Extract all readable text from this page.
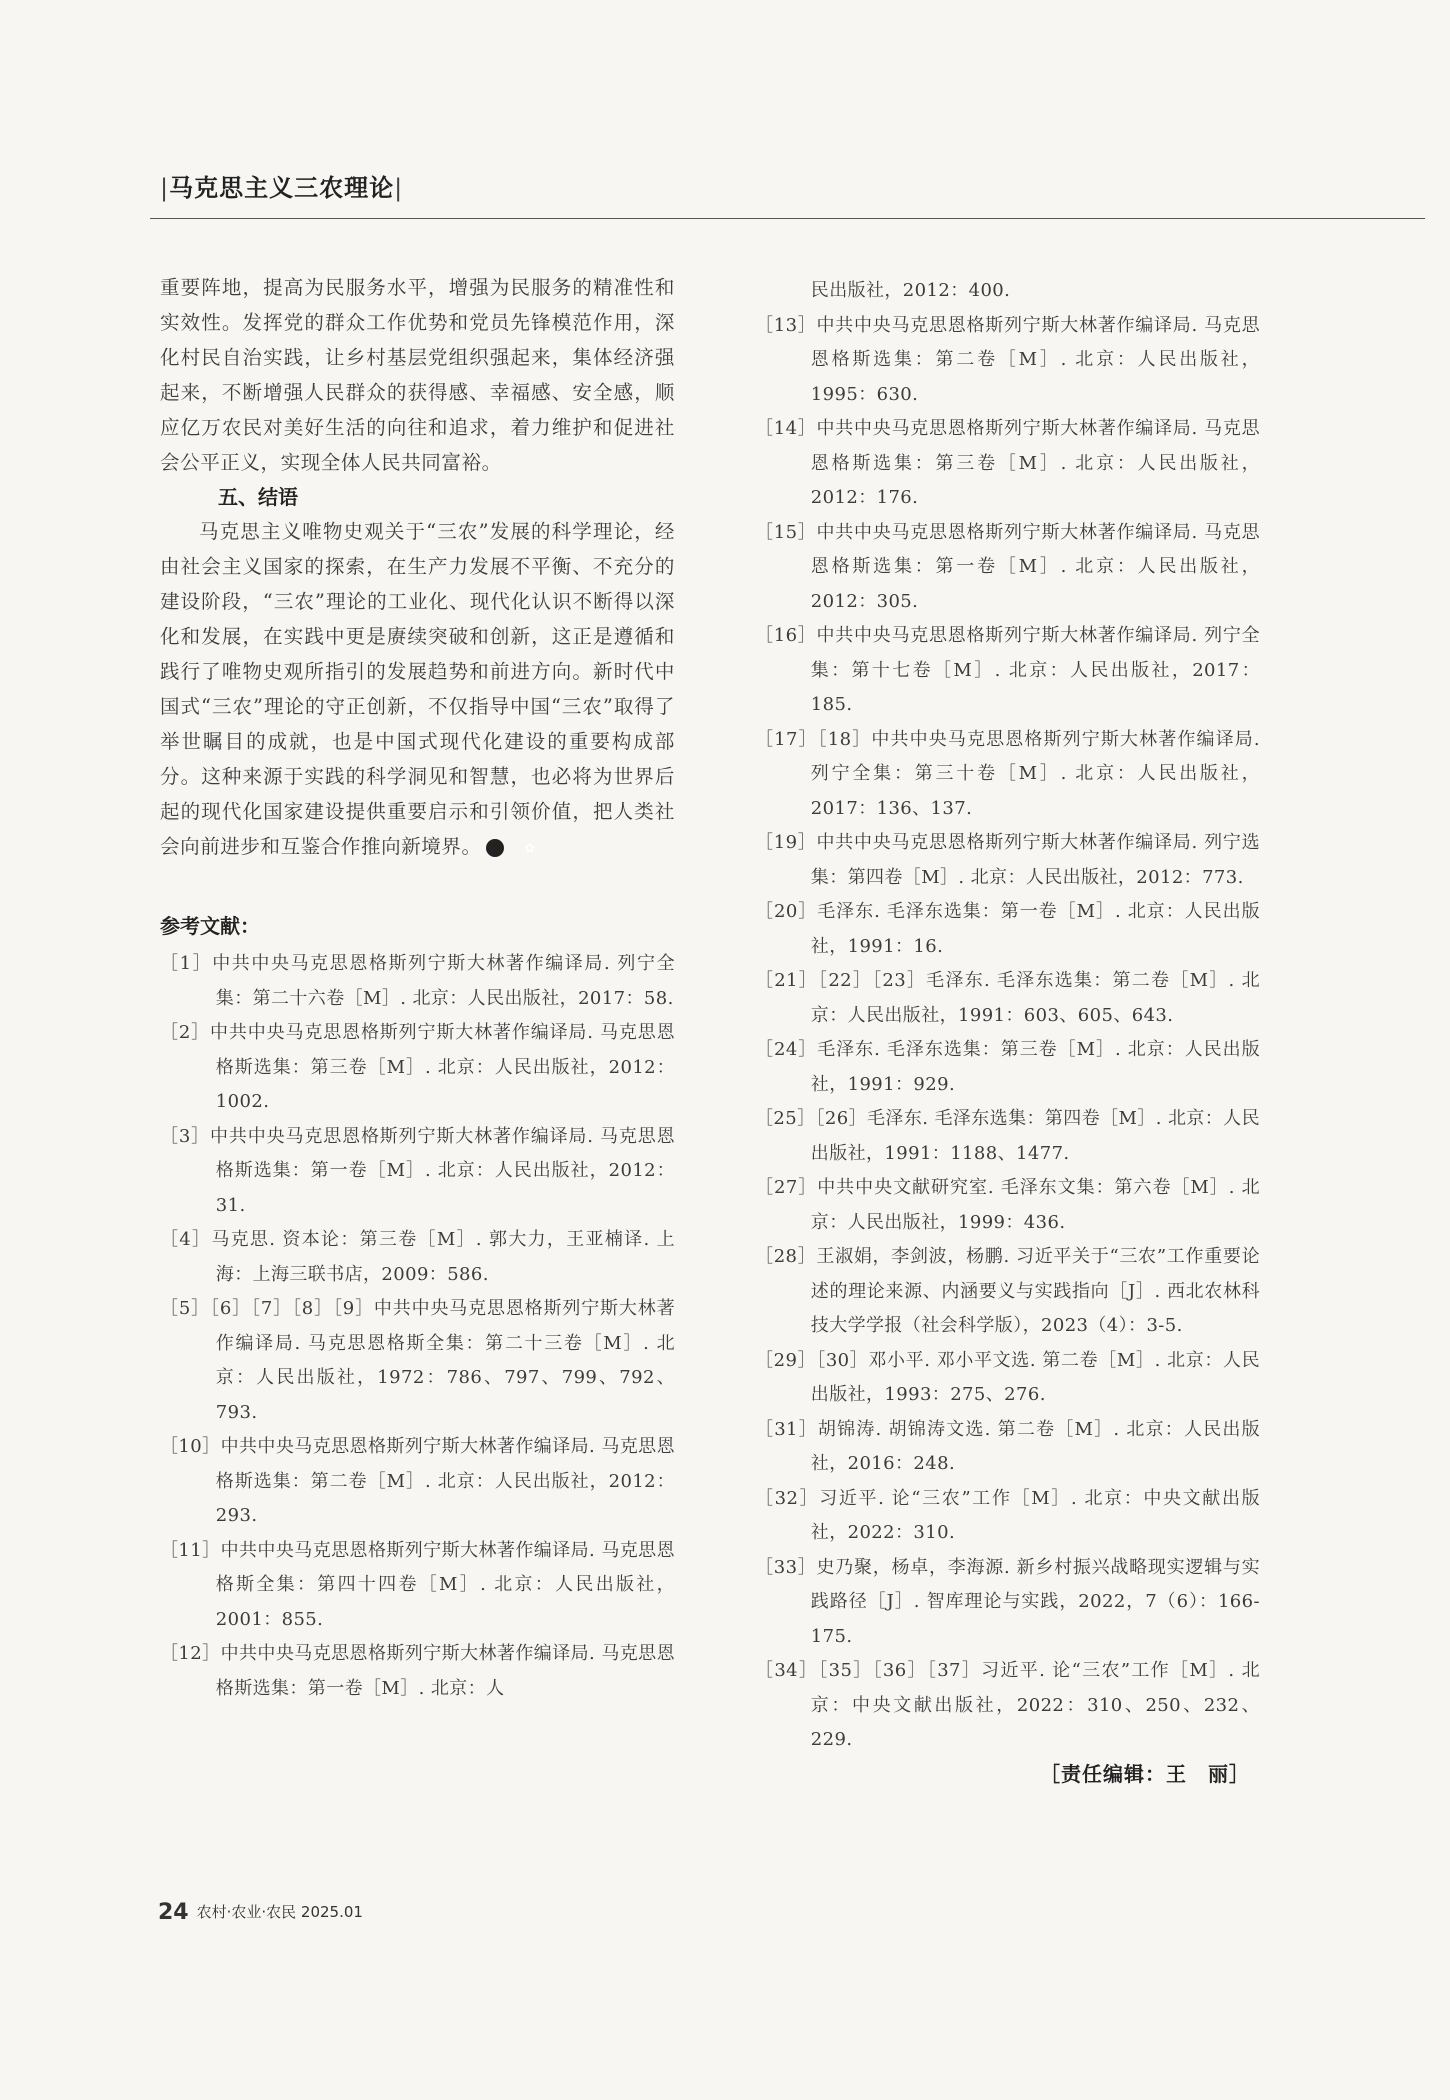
|马克思主义三农理论|

重要阵地，提高为民服务水平，增强为民服务的精准性和实效性。发挥党的群众工作优势和党员先锋模范作用，深化村民自治实践，让乡村基层党组织强起来，集体经济强起来，不断增强人民群众的获得感、幸福感、安全感，顺应亿万农民对美好生活的向往和追求，着力维护和促进社会公平正义，实现全体人民共同富裕。

五、结语

马克思主义唯物史观关于“三农”发展的科学理论，经由社会主义国家的探索，在生产力发展不平衡、不充分的建设阶段，“三农”理论的工业化、现代化认识不断得以深化和发展，在实践中更是赓续突破和创新，这正是遵循和践行了唯物史观所指引的发展趋势和前进方向。新时代中国式“三农”理论的守正创新，不仅指导中国“三农”取得了举世瞩目的成就，也是中国式现代化建设的重要构成部分。这种来源于实践的科学洞见和智慧，也必将为世界后起的现代化国家建设提供重要启示和引领价值，把人类社会向前进步和互鉴合作推向新境界。	✿

参考文献：

［1］中共中央马克思恩格斯列宁斯大林著作编译局. 列宁全集：第二十六卷［M］. 北京：人民出版社，2017：58.

［2］中共中央马克思恩格斯列宁斯大林著作编译局. 马克思恩格斯选集：第三卷［M］. 北京：人民出版社，2012：1002.

［3］中共中央马克思恩格斯列宁斯大林著作编译局. 马克思恩格斯选集：第一卷［M］. 北京：人民出版社，2012：31.

［4］马克思. 资本论：第三卷［M］. 郭大力，王亚楠译. 上海：上海三联书店，2009：586.

［5］［6］［7］［8］［9］中共中央马克思恩格斯列宁斯大林著作编译局. 马克思恩格斯全集：第二十三卷［M］. 北京：人民出版社，1972：786、797、799、792、793.

［10］中共中央马克思恩格斯列宁斯大林著作编译局. 马克思恩格斯选集：第二卷［M］. 北京：人民出版社，2012：293.

［11］中共中央马克思恩格斯列宁斯大林著作编译局. 马克思恩格斯全集：第四十四卷［M］. 北京：人民出版社，2001：855.

［12］中共中央马克思恩格斯列宁斯大林著作编译局. 马克思恩格斯选集：第一卷［M］. 北京：人

民出版社，2012：400.

［13］中共中央马克思恩格斯列宁斯大林著作编译局. 马克思恩格斯选集：第二卷［M］. 北京：人民出版社，1995：630.

［14］中共中央马克思恩格斯列宁斯大林著作编译局. 马克思恩格斯选集：第三卷［M］. 北京：人民出版社，2012：176.

［15］中共中央马克思恩格斯列宁斯大林著作编译局. 马克思恩格斯选集：第一卷［M］. 北京：人民出版社，2012：305.

［16］中共中央马克思恩格斯列宁斯大林著作编译局. 列宁全集：第十七卷［M］. 北京：人民出版社，2017：185.

［17］［18］中共中央马克思恩格斯列宁斯大林著作编译局. 列宁全集：第三十卷［M］. 北京：人民出版社，2017：136、137.

［19］中共中央马克思恩格斯列宁斯大林著作编译局. 列宁选集：第四卷［M］. 北京：人民出版社，2012：773.

［20］毛泽东. 毛泽东选集：第一卷［M］. 北京：人民出版社，1991：16.

［21］［22］［23］毛泽东. 毛泽东选集：第二卷［M］. 北京：人民出版社，1991：603、605、643.

［24］毛泽东. 毛泽东选集：第三卷［M］. 北京：人民出版社，1991：929.

［25］［26］毛泽东. 毛泽东选集：第四卷［M］. 北京：人民出版社，1991：1188、1477.

［27］中共中央文献研究室. 毛泽东文集：第六卷［M］. 北京：人民出版社，1999：436.

［28］王淑娟，李剑波，杨鹏. 习近平关于“三农”工作重要论述的理论来源、内涵要义与实践指向［J］. 西北农林科技大学学报（社会科学版），2023（4）：3-5.

［29］［30］邓小平. 邓小平文选. 第二卷［M］. 北京：人民出版社，1993：275、276.

［31］胡锦涛. 胡锦涛文选. 第二卷［M］. 北京：人民出版社，2016：248.

［32］习近平. 论“三农”工作［M］. 北京：中央文献出版社，2022：310.

［33］史乃聚，杨卓，李海源. 新乡村振兴战略现实逻辑与实践路径［J］. 智库理论与实践，2022，7（6）：166-175.

［34］［35］［36］［37］习近平. 论“三农”工作［M］. 北京：中央文献出版社，2022：310、250、232、229.

［责任编辑：王　丽］
24 农村·农业·农民 2025.01
